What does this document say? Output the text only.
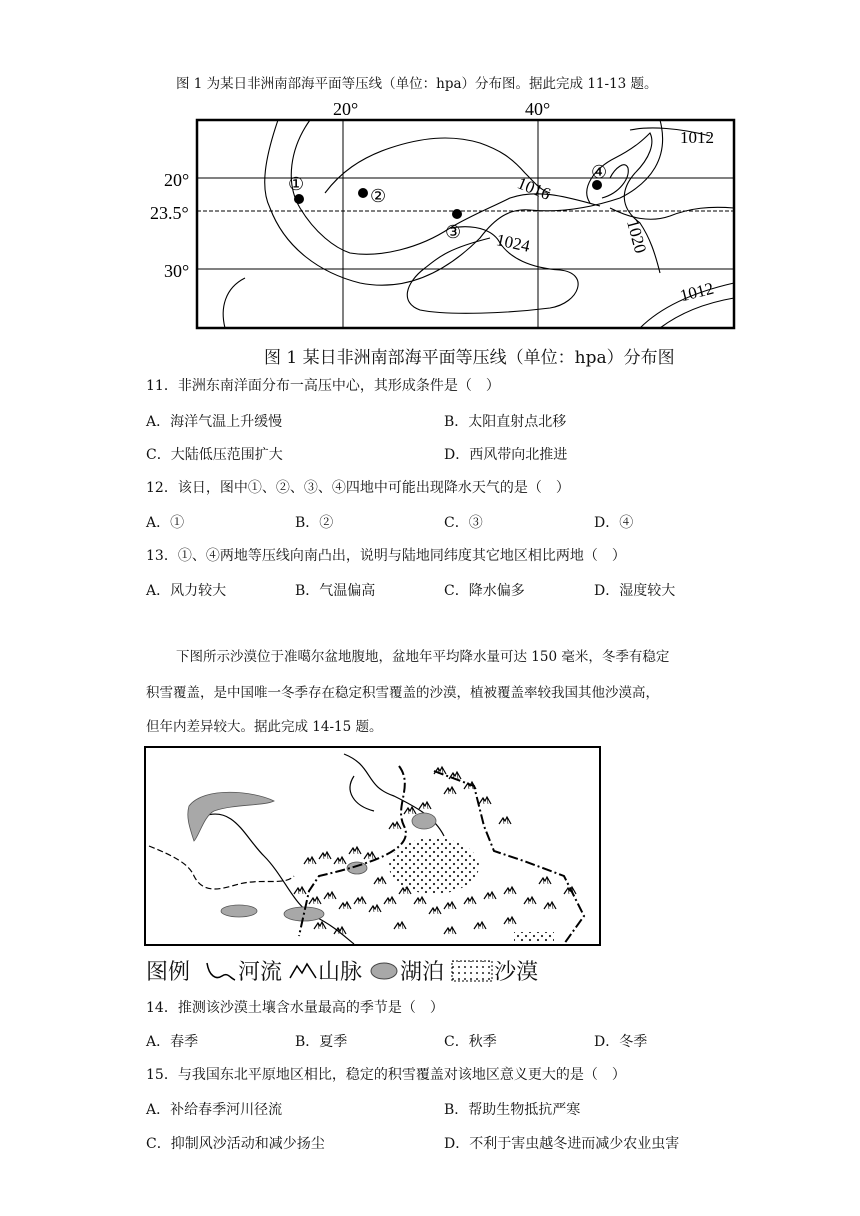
图 1 为某日非洲南部海平面等压线（单位：hpa）分布图。据此完成 11-13 题。
20°	40°
20°
23.5°
30°
1012
1016
1024	1020
1012
①
②
③
④
图 1 某日非洲南部海平面等压线（单位：hpa）分布图
11．非洲东南洋面分布一高压中心，其形成条件是（　）
A．海洋气温上升缓慢	B．太阳直射点北移
C．大陆低压范围扩大	D．西风带向北推进
12．该日，图中①、②、③、④四地中可能出现降水天气的是（　）
A．①	B．②	C．③	D．④
13．①、④两地等压线向南凸出，说明与陆地同纬度其它地区相比两地（　）
A．风力较大	B．气温偏高	C．降水偏多	D．湿度较大
下图所示沙漠位于准噶尔盆地腹地，盆地年平均降水量可达 150 毫米，冬季有稳定
积雪覆盖，是中国唯一冬季存在稳定积雪覆盖的沙漠，植被覆盖率较我国其他沙漠高，
但年内差异较大。据此完成 14-15 题。
图例 河流 山脉 湖泊 沙漠
14．推测该沙漠土壤含水量最高的季节是（　）
A．春季	B．夏季	C．秋季	D．冬季
15．与我国东北平原地区相比，稳定的积雪覆盖对该地区意义更大的是（　）
A．补给春季河川径流	B．帮助生物抵抗严寒
C．抑制风沙活动和减少扬尘	D．不利于害虫越冬进而减少农业虫害
